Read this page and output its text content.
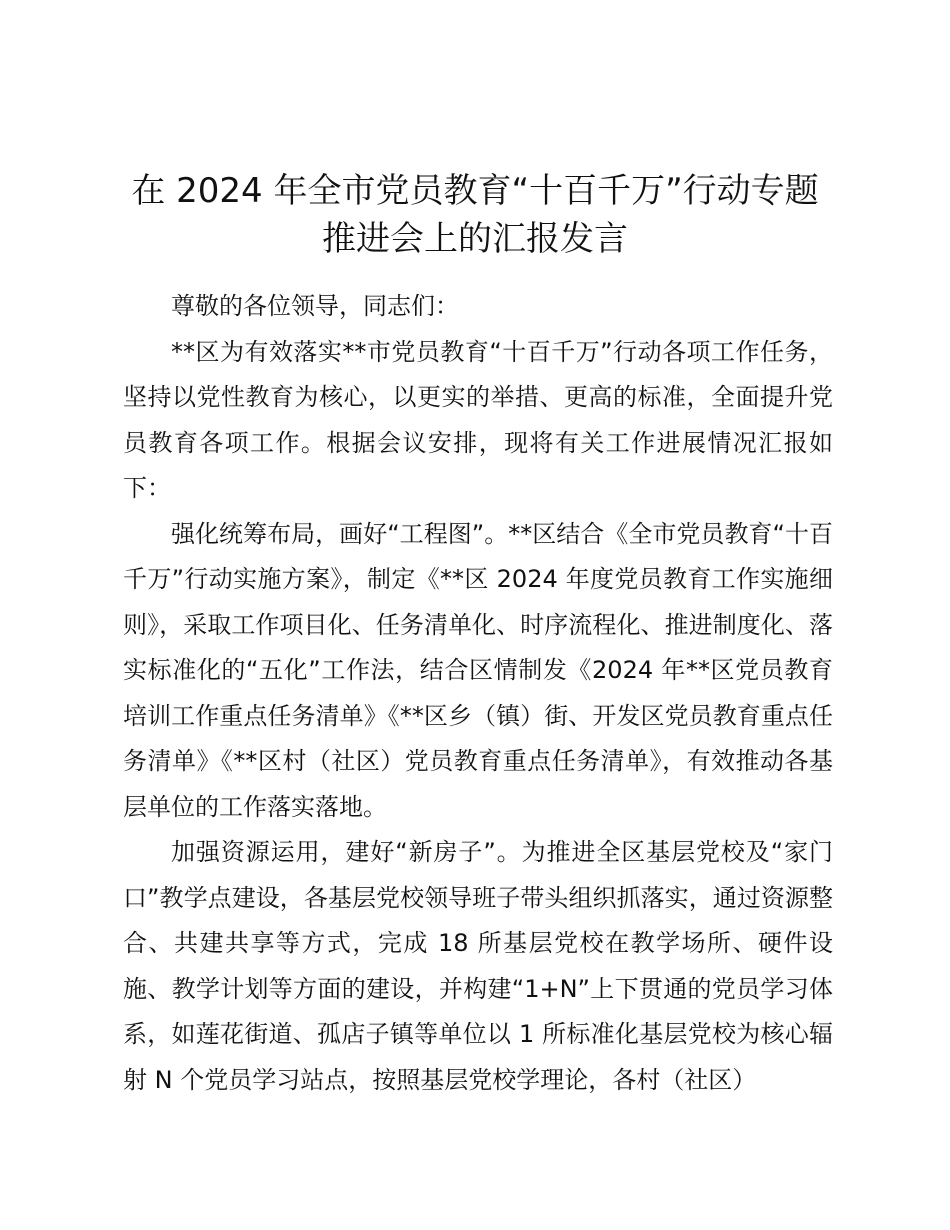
在 2024 年全市党员教育“十百千万”行动专题
推进会上的汇报发言

尊敬的各位领导，同志们：

**区为有效落实**市党员教育“十百千万”行动各项工作任务，坚持以党性教育为核心，以更实的举措、更高的标准，全面提升党员教育各项工作。根据会议安排，现将有关工作进展情况汇报如下：

强化统筹布局，画好“工程图”。**区结合《全市党员教育“十百千万”行动实施方案》，制定《**区 2024 年度党员教育工作实施细则》，采取工作项目化、任务清单化、时序流程化、推进制度化、落实标准化的“五化”工作法，结合区情制发《2024 年**区党员教育培训工作重点任务清单》《**区乡（镇）街、开发区党员教育重点任务清单》《**区村（社区）党员教育重点任务清单》，有效推动各基层单位的工作落实落地。

加强资源运用，建好“新房子”。为推进全区基层党校及“家门口”教学点建设，各基层党校领导班子带头组织抓落实，通过资源整合、共建共享等方式，完成 18 所基层党校在教学场所、硬件设施、教学计划等方面的建设，并构建“1+N”上下贯通的党员学习体系，如莲花街道、孤店子镇等单位以 1 所标准化基层党校为核心辐射 N 个党员学习站点，按照基层党校学理论，各村（社区）
